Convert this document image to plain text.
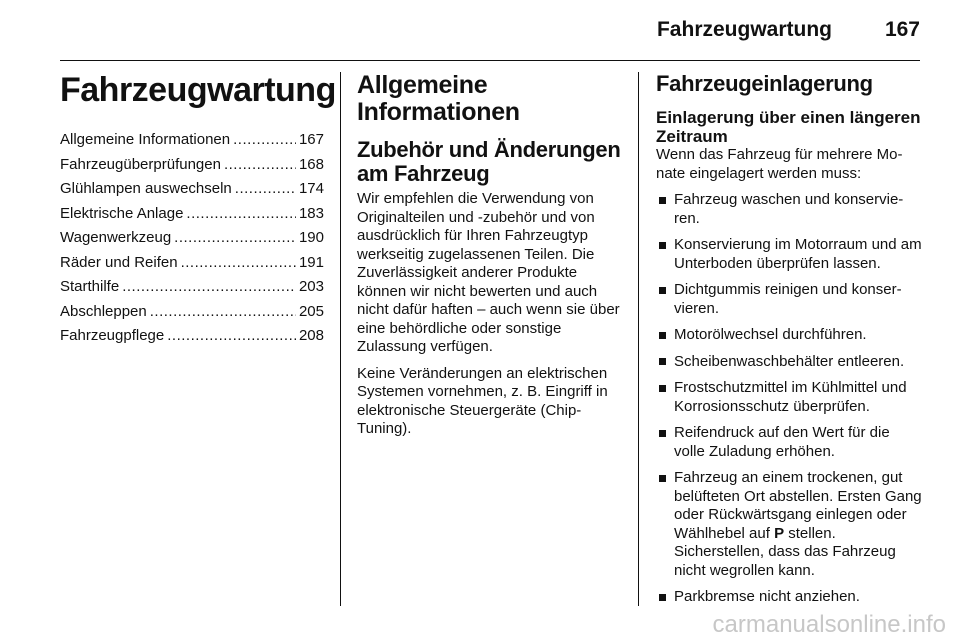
Fahrzeugwartung	167
Fahrzeugwartung
Allgemeine Informationen .....	167
Fahrzeugüberprüfungen .....	168
Glühlampen auswechseln .....	174
Elektrische Anlage .....	183
Wagenwerkzeug .....	190
Räder und Reifen .....	191
Starthilfe .....	203
Abschleppen .....	205
Fahrzeugpflege .....	208
Allgemeine Informationen
Zubehör und Änderungen am Fahrzeug

Wir empfehlen die Verwendung von Originalteilen und -zubehör und von ausdrücklich für Ihren Fahrzeugtyp werkseitig zugelassenen Teilen. Die Zuverlässigkeit anderer Produkte können wir nicht bewerten und auch nicht dafür haften – auch wenn sie über eine behördliche oder sonstige Zulassung verfügen.

Keine Veränderungen an elektrischen Systemen vornehmen, z. B. Eingriff in elektronische Steuergeräte (Chip-Tuning).

Fahrzeugeinlagerung
Einlagerung über einen längeren Zeitraum

Wenn das Fahrzeug für mehrere Monate eingelagert werden muss:

Fahrzeug waschen und konservieren.
Konservierung im Motorraum und am Unterboden überprüfen lassen.
Dichtgummis reinigen und konservieren.
Motorölwechsel durchführen.
Scheibenwaschbehälter entleeren.
Frostschutzmittel im Kühlmittel und Korrosionsschutz überprüfen.
Reifendruck auf den Wert für die volle Zuladung erhöhen.
Fahrzeug an einem trockenen, gut belüfteten Ort abstellen. Ersten Gang oder Rückwärtsgang einlegen oder Wählhebel auf P stellen. Sicherstellen, dass das Fahrzeug nicht wegrollen kann.
Parkbremse nicht anziehen.
carmanualsonline.info
